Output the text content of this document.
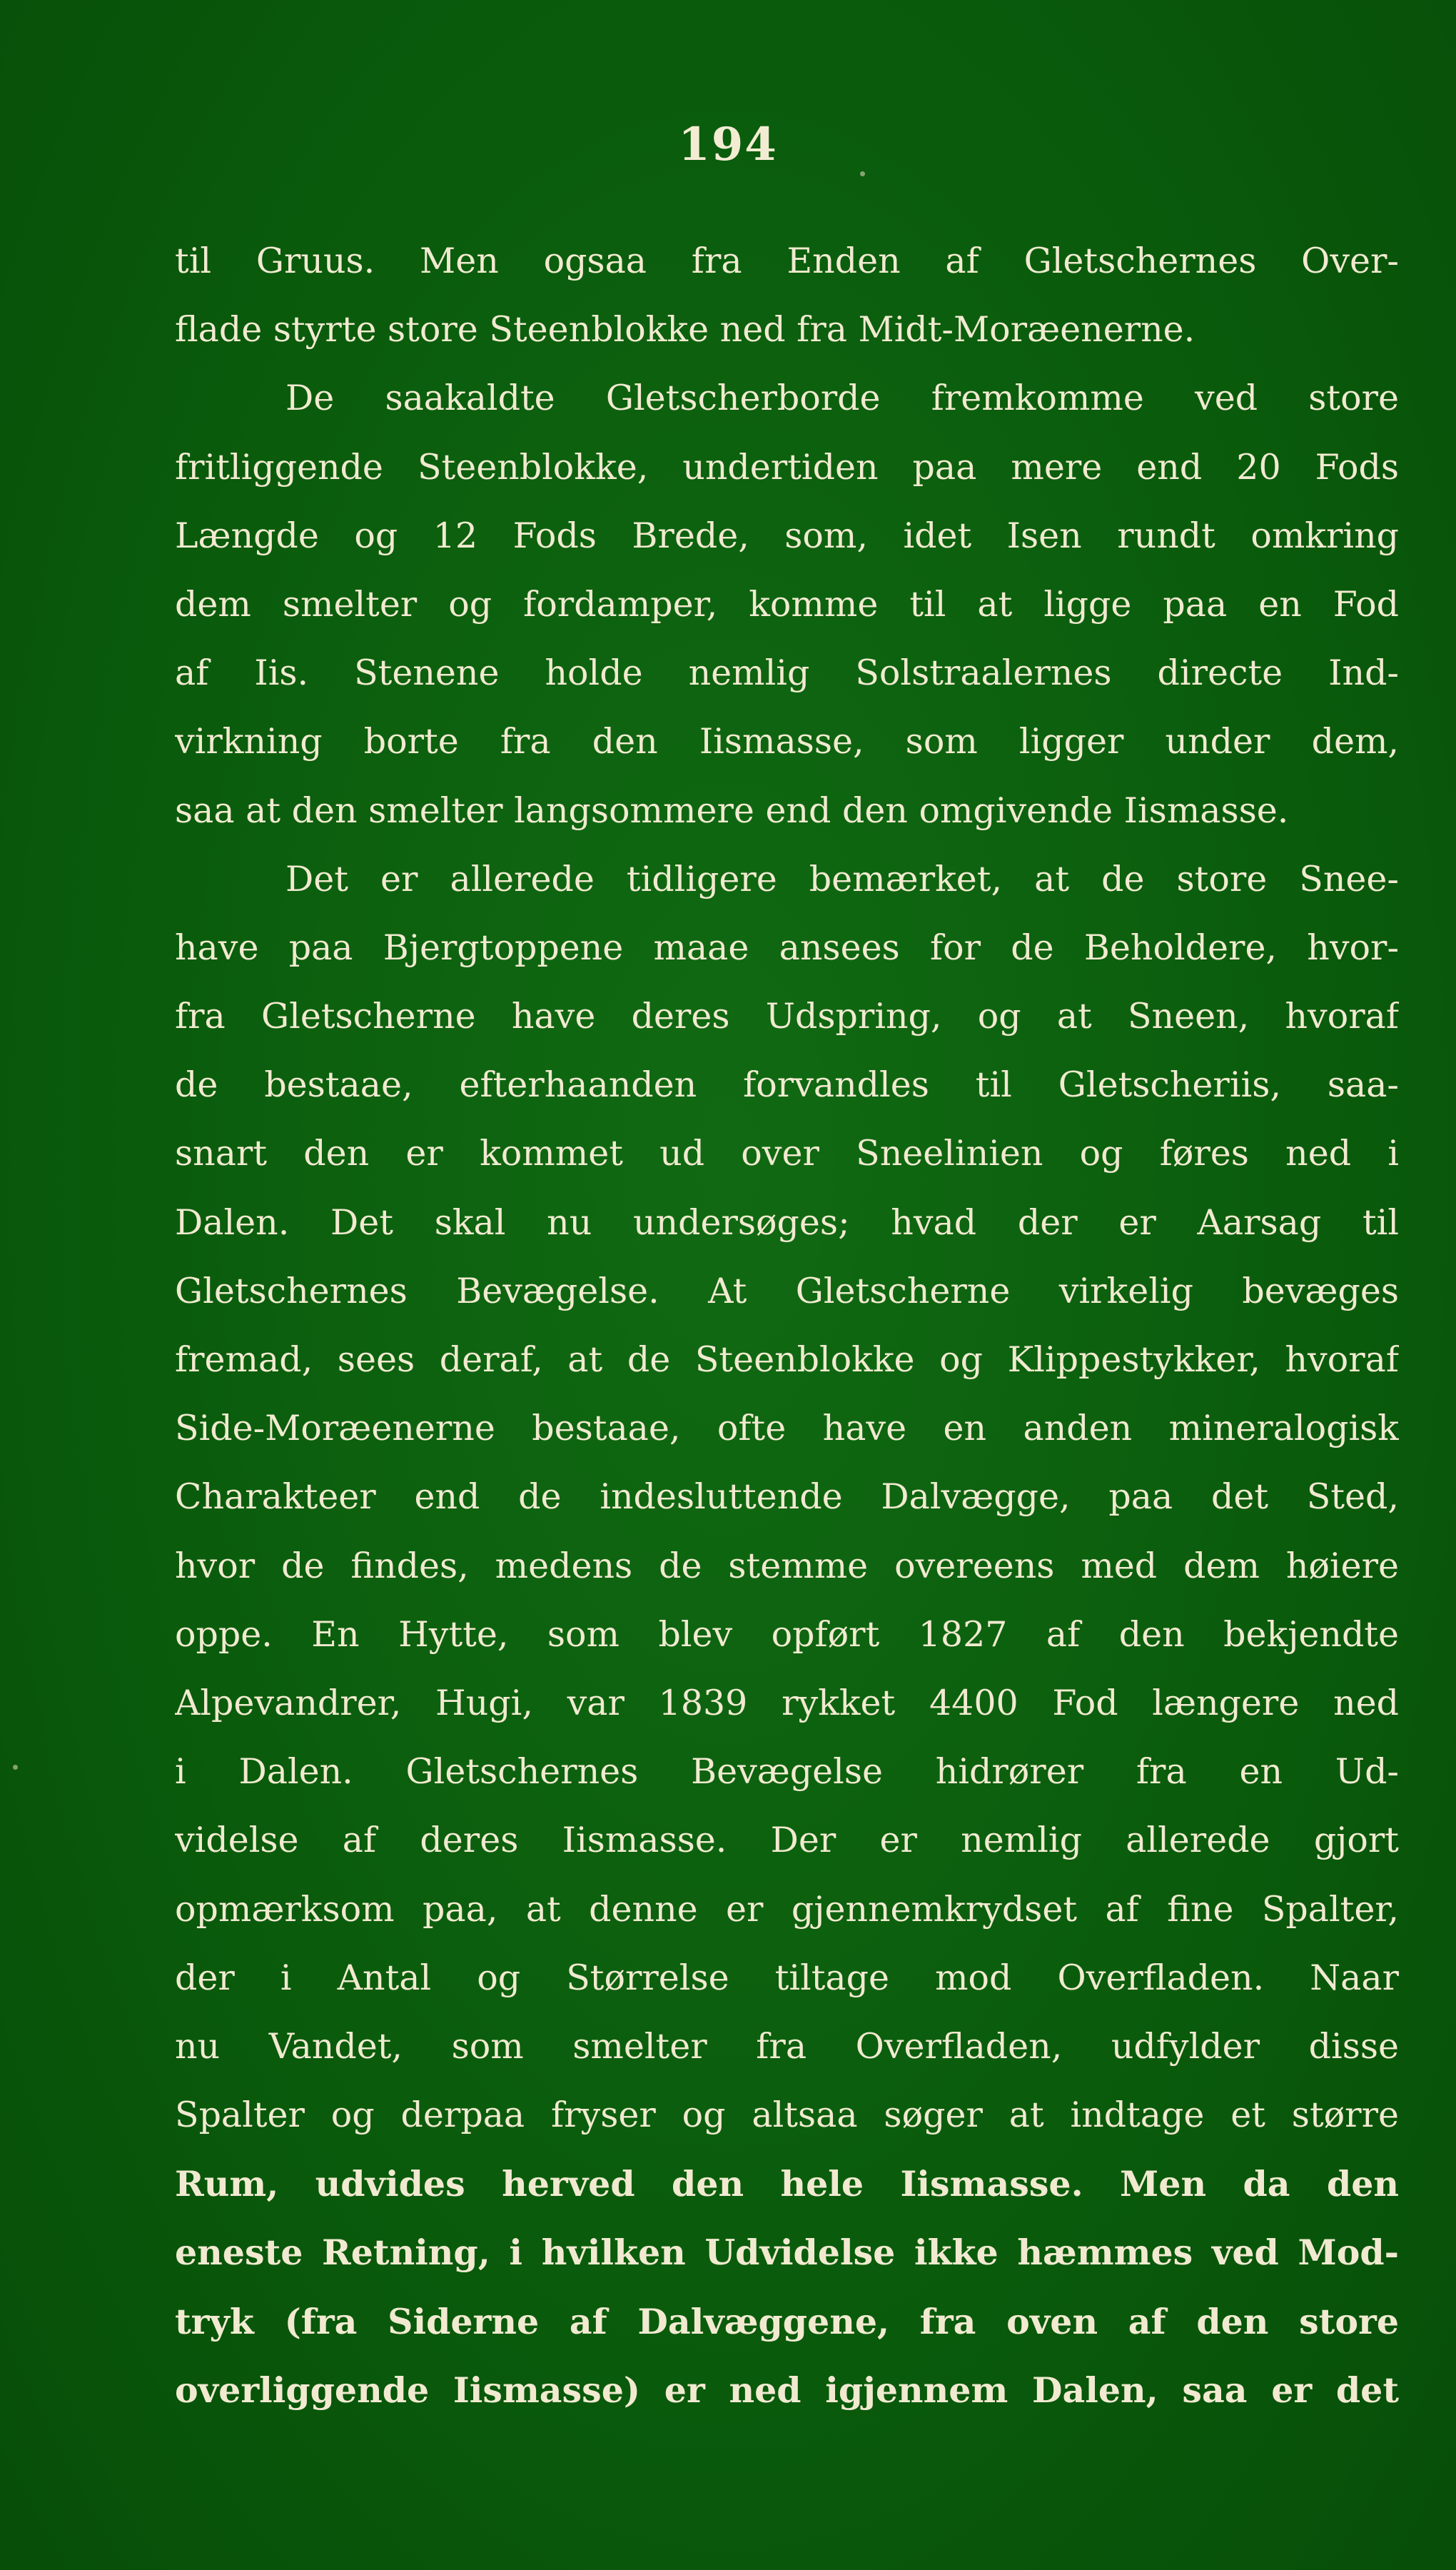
194
til Gruus. Men ogsaa fra Enden af Gletschernes Over-
flade styrte store Steenblokke ned fra Midt-Moræenerne.
De saakaldte Gletscherborde fremkomme ved store
fritliggende Steenblokke, undertiden paa mere end 20 Fods
Længde og 12 Fods Brede, som, idet Isen rundt omkring
dem smelter og fordamper, komme til at ligge paa en Fod
af Iis. Stenene holde nemlig Solstraalernes directe Ind-
virkning borte fra den Iismasse, som ligger under dem,
saa at den smelter langsommere end den omgivende Iismasse.
Det er allerede tidligere bemærket, at de store Snee-
have paa Bjergtoppene maae ansees for de Beholdere, hvor-
fra Gletscherne have deres Udspring, og at Sneen, hvoraf
de bestaae, efterhaanden forvandles til Gletscheriis, saa-
snart den er kommet ud over Sneelinien og føres ned i
Dalen. Det skal nu undersøges; hvad der er Aarsag til
Gletschernes Bevægelse. At Gletscherne virkelig bevæges
fremad, sees deraf, at de Steenblokke og Klippestykker, hvoraf
Side-Moræenerne bestaae, ofte have en anden mineralogisk
Charakteer end de indesluttende Dalvægge, paa det Sted,
hvor de findes, medens de stemme overeens med dem høiere
oppe. En Hytte, som blev opført 1827 af den bekjendte
Alpevandrer, Hugi, var 1839 rykket 4400 Fod længere ned
i Dalen. Gletschernes Bevægelse hidrører fra en Ud-
videlse af deres Iismasse. Der er nemlig allerede gjort
opmærksom paa, at denne er gjennemkrydset af fine Spalter,
der i Antal og Størrelse tiltage mod Overfladen. Naar
nu Vandet, som smelter fra Overfladen, udfylder disse
Spalter og derpaa fryser og altsaa søger at indtage et større
Rum, udvides herved den hele Iismasse. Men da den
eneste Retning, i hvilken Udvidelse ikke hæmmes ved Mod-
tryk (fra Siderne af Dalvæggene, fra oven af den store
overliggende Iismasse) er ned igjennem Dalen, saa er det
